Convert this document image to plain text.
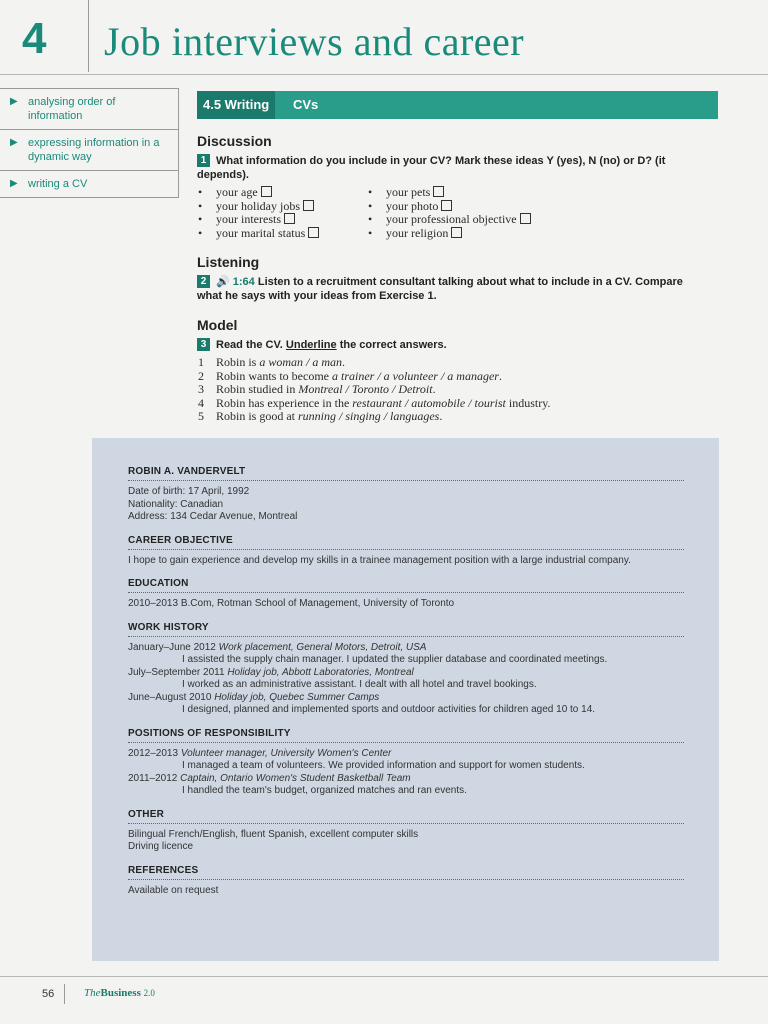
4 Job interviews and career
▶ analysing order of information
▶ expressing information in a dynamic way
▶ writing a CV
4.5 Writing	CVs
Discussion
1 What information do you include in your CV? Mark these ideas Y (yes), N (no) or D? (it depends).
• your age
• your holiday jobs
• your interests
• your marital status
• your pets
• your photo
• your professional objective
• your religion
Listening
2 🔊 1:64 Listen to a recruitment consultant talking about what to include in a CV. Compare what he says with your ideas from Exercise 1.
Model
3 Read the CV. Underline the correct answers.
1 Robin is a woman / a man.
2 Robin wants to become a trainer / a volunteer / a manager.
3 Robin studied in Montreal / Toronto / Detroit.
4 Robin has experience in the restaurant / automobile / tourist industry.
5 Robin is good at running / singing / languages.
ROBIN A. VANDERVELT
Date of birth: 17 April, 1992
Nationality: Canadian
Address: 134 Cedar Avenue, Montreal
CAREER OBJECTIVE
I hope to gain experience and develop my skills in a trainee management position with a large industrial company.
EDUCATION
2010–2013 B.Com, Rotman School of Management, University of Toronto
WORK HISTORY
January–June 2012 Work placement, General Motors, Detroit, USA
I assisted the supply chain manager. I updated the supplier database and coordinated meetings.
July–September 2011 Holiday job, Abbott Laboratories, Montreal
I worked as an administrative assistant. I dealt with all hotel and travel bookings.
June–August 2010 Holiday job, Quebec Summer Camps
I designed, planned and implemented sports and outdoor activities for children aged 10 to 14.
POSITIONS OF RESPONSIBILITY
2012–2013 Volunteer manager, University Women's Center
I managed a team of volunteers. We provided information and support for women students.
2011–2012 Captain, Ontario Women's Student Basketball Team
I handled the team's budget, organized matches and ran events.
OTHER
Bilingual French/English, fluent Spanish, excellent computer skills
Driving licence
REFERENCES
Available on request
56	TheBusiness 2.0
